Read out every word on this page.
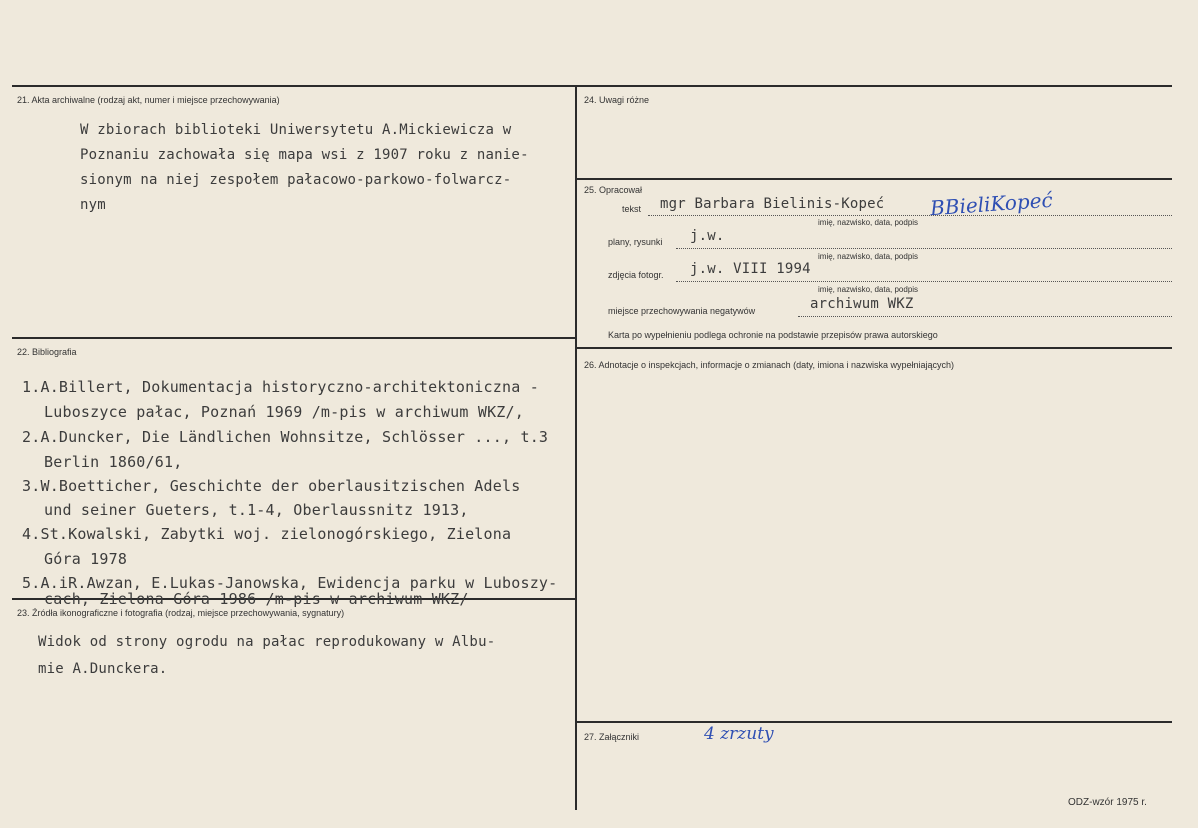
21. Akta archiwalne (rodzaj akt, numer i miejsce przechowywania)
W zbiorach biblioteki Uniwersytetu A.Mickiewicza w
Poznaniu zachowała się mapa wsi z 1907 roku z nanie-
sionym na niej zespołem pałacowo-parkowo-folwarcz-
nym
22. Bibliografia
1.A.Billert, Dokumentacja historyczno-architektoniczna -
Luboszyce pałac, Poznań 1969 /m-pis w archiwum WKZ/,
2.A.Duncker, Die Ländlichen Wohnsitze, Schlösser ..., t.3
Berlin 1860/61,
3.W.Boetticher, Geschichte der oberlausitzischen Adels
und seiner Gueters, t.1-4, Oberlaussnitz 1913,
4.St.Kowalski, Zabytki woj. zielonogórskiego, Zielona
Góra 1978
5.A.iR.Awzan, E.Lukas-Janowska, Ewidencja parku w Luboszy-
cach, Zielona Góra 1986 /m-pis w archiwum WKZ/
23. Źródła ikonograficzne i fotografia (rodzaj, miejsce przechowywania, sygnatury)
Widok od strony ogrodu na pałac reprodukowany w Albu-
mie A.Dunckera.
24. Uwagi różne
25. Opracował
tekst mgr Barbara Bielinis-Kopeć BBieliKopeć
imię, nazwisko, data, podpis
plany, rysunki j.w.
imię, nazwisko, data, podpis
zdjęcia fotogr. j.w. VIII 1994
imię, nazwisko, data, podpis
miejsce przechowywania negatywów	archiwum WKZ
Karta po wypełnieniu podlega ochronie na podstawie przepisów prawa autorskiego
26. Adnotacje o inspekcjach, informacje o zmianach (daty, imiona i nazwiska wypełniających)
27. Załączniki	4 zrzuty
ODZ-wzór 1975 r.
